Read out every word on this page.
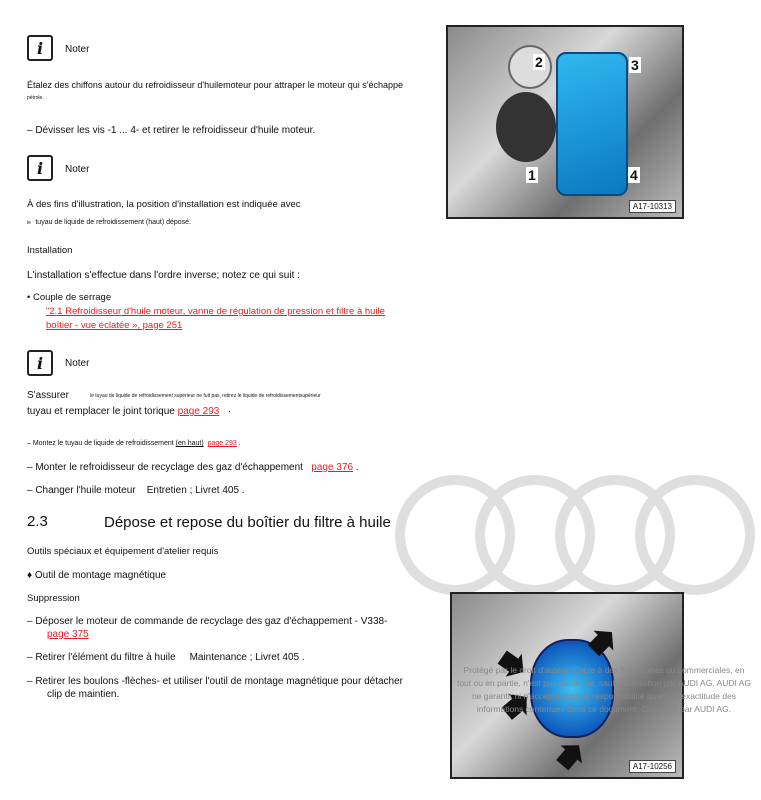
i	Noter
Étalez des chiffons autour du refroidisseur d'huilemoteur pour attraper le moteur qui s'échappe
pétrole.
– Dévisser les vis -1 ... 4- et retirer le refroidisseur d'huile moteur.
i	Noter
À des fins d'illustration, la position d'installation est indiquée avec
le tuyau de liquide de refroidissement (haut) déposé.
Installation
L'installation s'effectue dans l'ordre inverse; notez ce qui suit :
• Couple de serrage
"2.1 Refroidisseur d'huile moteur, vanne de régulation de pression et filtre à huile
boîtier - vue éclatée », page 251
i	Noter
S'assurer	le tuyau de liquide de refroidissement supérieur ne fuit pas, retirez le liquide de refroidissementsupérieur
tuyau et remplacer le joint torique page 293   ·
– Montez le tuyau de liquide de refroidissement (en haut) page 293 .
– Monter le refroidisseur de recyclage des gaz d'échappement page 376 .
– Changer l'huile moteur Entretien ; Livret 405 .
2.3	Dépose et repose du boîtier du filtre à huile
Outils spéciaux et équipement d'atelier requis
♦ Outil de montage magnétique
Suppression
– Déposer le moteur de commande de recyclage des gaz d'échappement - V338-
page 375
– Retirer l'élément du filtre à huile Maintenance ; Livret 405 .
– Retirer les boulons -flèches- et utiliser l'outil de montage magnétique pour détacher
clip de maintien.
2	3
1	4
A17-10313
A17-10256
Protégé par le droit d'auteur. Copie à des fins privées ou commerciales, en tout ou en partie, n'est pas autorisée, sauf autorisation par AUDI AG. AUDI AG ne garantit ni n'accepte aucune responsabilité quant à l'exactitude des informations contenues dans ce document. Copyright par AUDI AG.
